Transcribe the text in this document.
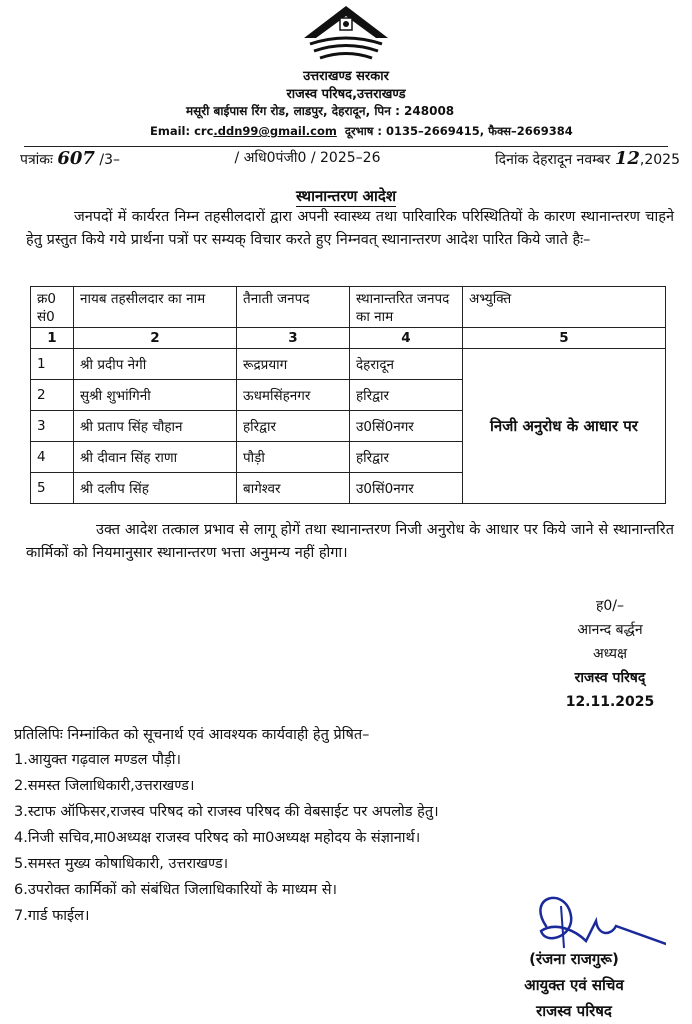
उत्तराखण्ड सरकार
राजस्व परिषद,उत्तराखण्ड
मसूरी बाईपास रिंग रोड, लाडपुर, देहरादून, पिन : 248008
Email: crc.ddn99@gmail.com दूरभाष : 0135–2669415, फैक्स–2669384
पत्रांकः 607 /3–	/ अधि0पंजी0 / 2025–26	दिनांक देहरादून नवम्बर 12,2025
स्थानान्तरण आदेश
जनपदों में कार्यरत निम्न तहसीलदारों द्वारा अपनी स्वास्थ्य तथा पारिवारिक परिस्थितियों के कारण स्थानान्तरण चाहने हेतु प्रस्तुत किये गये प्रार्थना पत्रों पर सम्यक् विचार करते हुए निम्नवत् स्थानान्तरण आदेश पारित किये जाते हैः–
क्र0 सं0	नायब तहसीलदार का नाम	तैनाती जनपद	स्थानान्तरित जनपद का नाम	अभ्युक्ति
1	2	3	4	5
1	श्री प्रदीप नेगी	रूद्रप्रयाग	देहरादून	निजी अनुरोध के आधार पर
2	सुश्री शुभांगिनी	ऊधमसिंहनगर	हरिद्वार	
3	श्री प्रताप सिंह चौहान	हरिद्वार	उ0सिं0नगर	
4	श्री दीवान सिंह राणा	पौड़ी	हरिद्वार	
5	श्री दलीप सिंह	बागेश्वर	उ0सिं0नगर	
उक्त आदेश तत्काल प्रभाव से लागू होगें तथा स्थानान्तरण निजी अनुरोध के आधार पर किये जाने से स्थानान्तरित कार्मिकों को नियमानुसार स्थानान्तरण भत्ता अनुमन्य नहीं होगा।
ह0/–
आनन्द बर्द्धन
अध्यक्ष
राजस्व परिषद्
12.11.2025
प्रतिलिपिः निम्नांकित को सूचनार्थ एवं आवश्यक कार्यवाही हेतु प्रेषित–
1.आयुक्त गढ़वाल मण्डल पौड़ी।
2.समस्त जिलाधिकारी,उत्तराखण्ड।
3.स्टाफ ऑफिसर,राजस्व परिषद को राजस्व परिषद की वेबसाईट पर अपलोड हेतु।
4.निजी सचिव,मा0अध्यक्ष राजस्व परिषद को मा0अध्यक्ष महोदय के संज्ञानार्थ।
5.समस्त मुख्य कोषाधिकारी, उत्तराखण्ड।
6.उपरोक्त कार्मिकों को संबंधित जिलाधिकारियों के माध्यम से।
7.गार्ड फाईल।
(रंजना राजगुरू)
आयुक्त एवं सचिव
राजस्व परिषद
